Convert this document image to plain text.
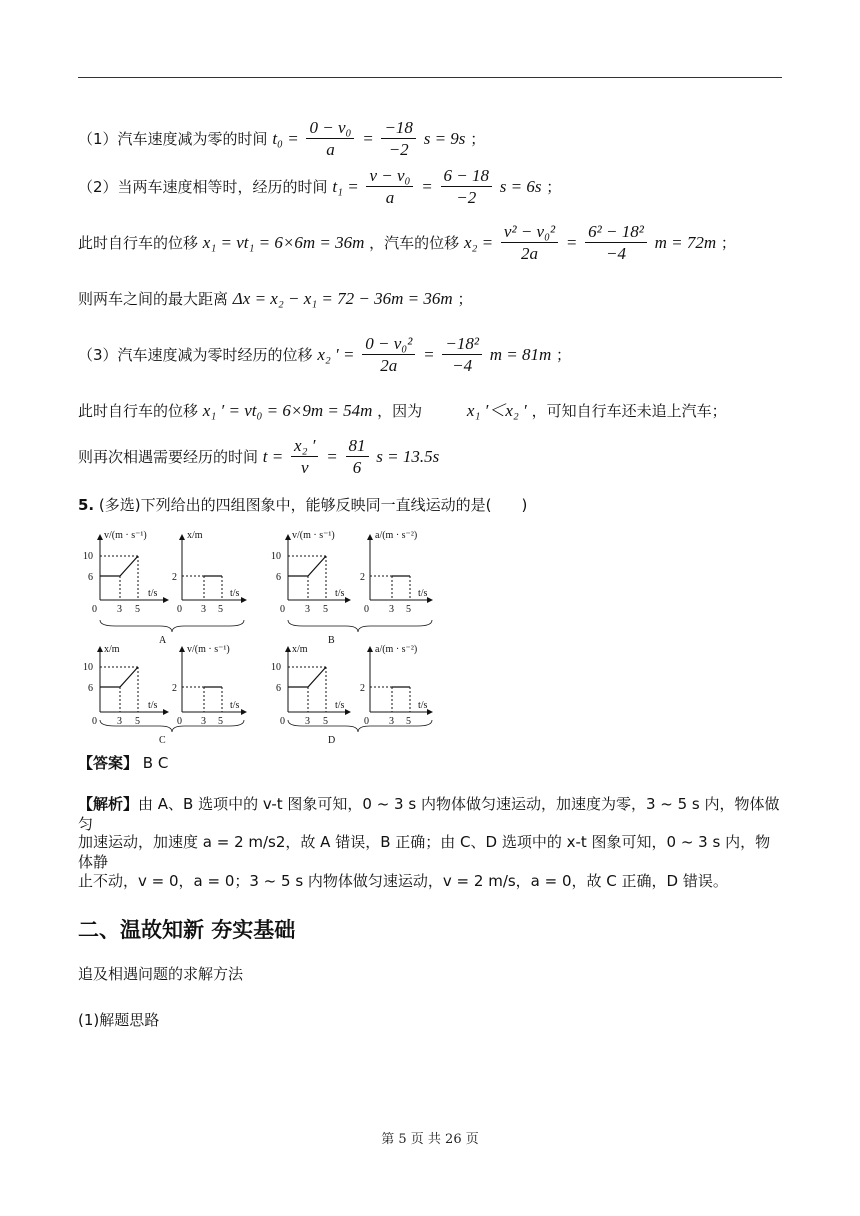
（1）汽车速度减为零的时间 $t_0 = \frac{\text{0 − v₀}}{a} = \frac{-18}{-2}$ s = 9s ；
（2）当两车速度相等时，经历的时间 $t_1 = \frac{\text{v − v₀}}{a} = \frac{6 - 18}{-2}$ s = 6s ；
此时自行车的位移 x₁ = vt₁ = 6×6m = 36m ，汽车的位移 $x_2 = \frac{\text{v² − v₀²}}{2a} = \frac{\text{6² − 18²}}{-4}$ m = 72m ；
则两车之间的最大距离 Δx = x₂ − x₁ = 72 − 36m = 36m ；
（3）汽车速度减为零时经历的位移 x₂ ′ = $\frac{\text{0 − v₀²}}{2a} = \frac{\text{−18²}}{-4}$ m = 81m ；
此时自行车的位移 x₁ ′ = vt₀ = 6×9m = 54m ，因为	x₁ ′＜x₂ ′ ，可知自行车还未追上汽车；
则再次相遇需要经历的时间 $t = \frac{\text{x₂ ′}}{v} = \frac{81}{6}$ s = 13.5s
5. (多选)下列给出的四组图象中，能够反映同一直线运动的是(　　)
v/(m · s⁻¹)
10
6
0 3 5
t/s
x/m
2
0 3 5
t/s
A
v/(m · s⁻¹)
10
6
0 3 5
t/s
a/(m · s⁻²)
2
0 3 5
t/s
B
x/m
10
6
0 3 5
t/s
v/(m · s⁻¹)
2
0 3 5
t/s
C
x/m
10
6
0 3 5
t/s
a/(m · s⁻²)
2
0 3 5
t/s
D
【答案】 B C
【解析】由 A、B 选项中的 v-t 图象可知，0 ~ 3 s 内物体做匀速运动，加速度为零，3 ~ 5 s 内，物体做匀
加速运动，加速度 a = 2 m/s2，故 A 错误，B 正确；由 C、D 选项中的 x-t 图象可知，0 ~ 3 s 内，物体静
止不动，v = 0，a = 0；3 ~ 5 s 内物体做匀速运动，v = 2 m/s，a = 0，故 C 正确，D 错误。
二、温故知新 夯实基础
追及相遇问题的求解方法
(1)解题思路
第 5 页 共 26 页
